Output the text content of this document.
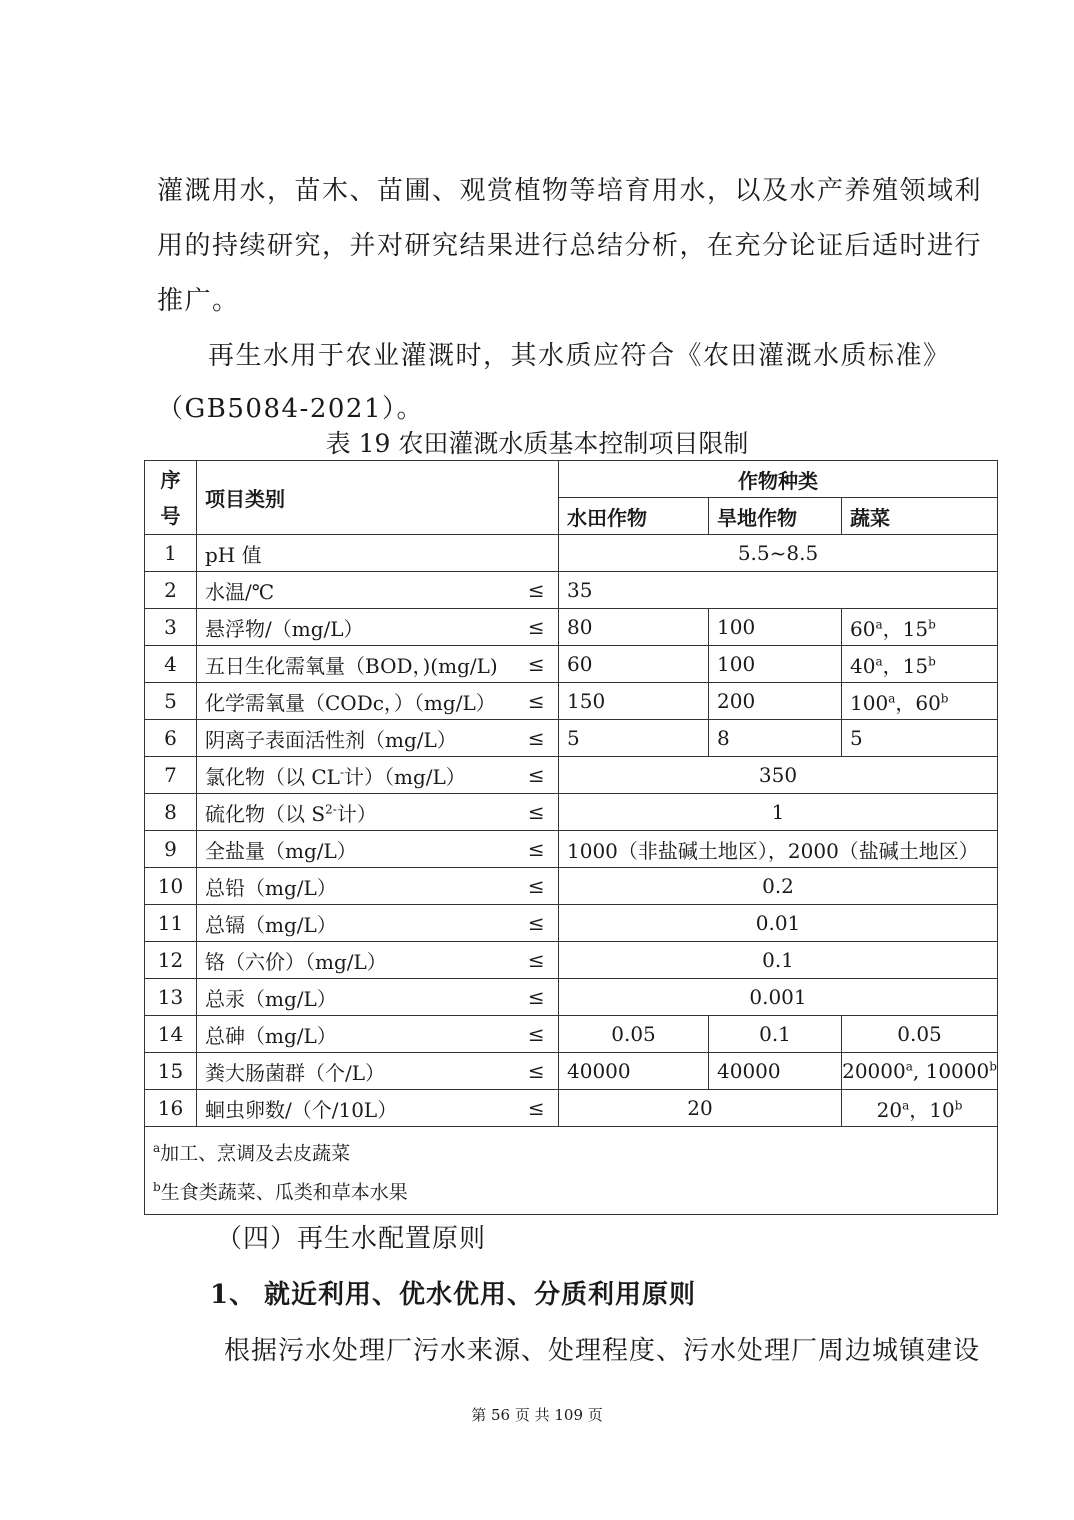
灌溉用水，苗木、苗圃、观赏植物等培育用水，以及水产养殖领域利
用的持续研究，并对研究结果进行总结分析，在充分论证后适时进行
推广。
再生水用于农业灌溉时，其水质应符合《农田灌溉水质标准》
（GB5084-2021）。
表 19 农田灌溉水质基本控制项目限制
序号	项目类别		作物种类		
			水田作物	旱地作物	蔬菜
1	pH 值		5.5~8.5		
2	水温/℃	≤	35		
3	悬浮物/（mg/L）	≤	80	100	60$^a$，15$^b$
4	五日生化需氧量（BOD，)(mg/L)	≤	60	100	40$^a$，15$^b$
5	化学需氧量（CODc，）（mg/L）	≤	150	200	100$^a$，60$^b$
6	阴离子表面活性剂（mg/L）	≤	5	8	5
7	氯化物（以 CL-计）（mg/L）	≤	350		
8	硫化物（以 $S^{2-}$计）	≤	1		
9	全盐量（mg/L）	≤	1000（非盐碱土地区），2000（盐碱土地区）		
10	总铅（mg/L）	≤	0.2		
11	总镉（mg/L）	≤	0.01		
12	铬（六价）（mg/L）	≤	0.1		
13	总汞（mg/L）	≤	0.001		
14	总砷（mg/L）	≤	0.05	0.1	0.05
15	粪大肠菌群（个/L）	≤	40000	40000	20000$^a$, 10000$^b$
16	蛔虫卵数/（个/10L）	≤	20		20$^a$，10$^b$

$^a$加工、烹调及去皮蔬菜
$^b$生食类蔬菜、瓜类和草本水果					
（四）再生水配置原则
1、 就近利用、优水优用、分质利用原则
根据污水处理厂污水来源、处理程度、污水处理厂周边城镇建设
第 56 页 共 109 页
